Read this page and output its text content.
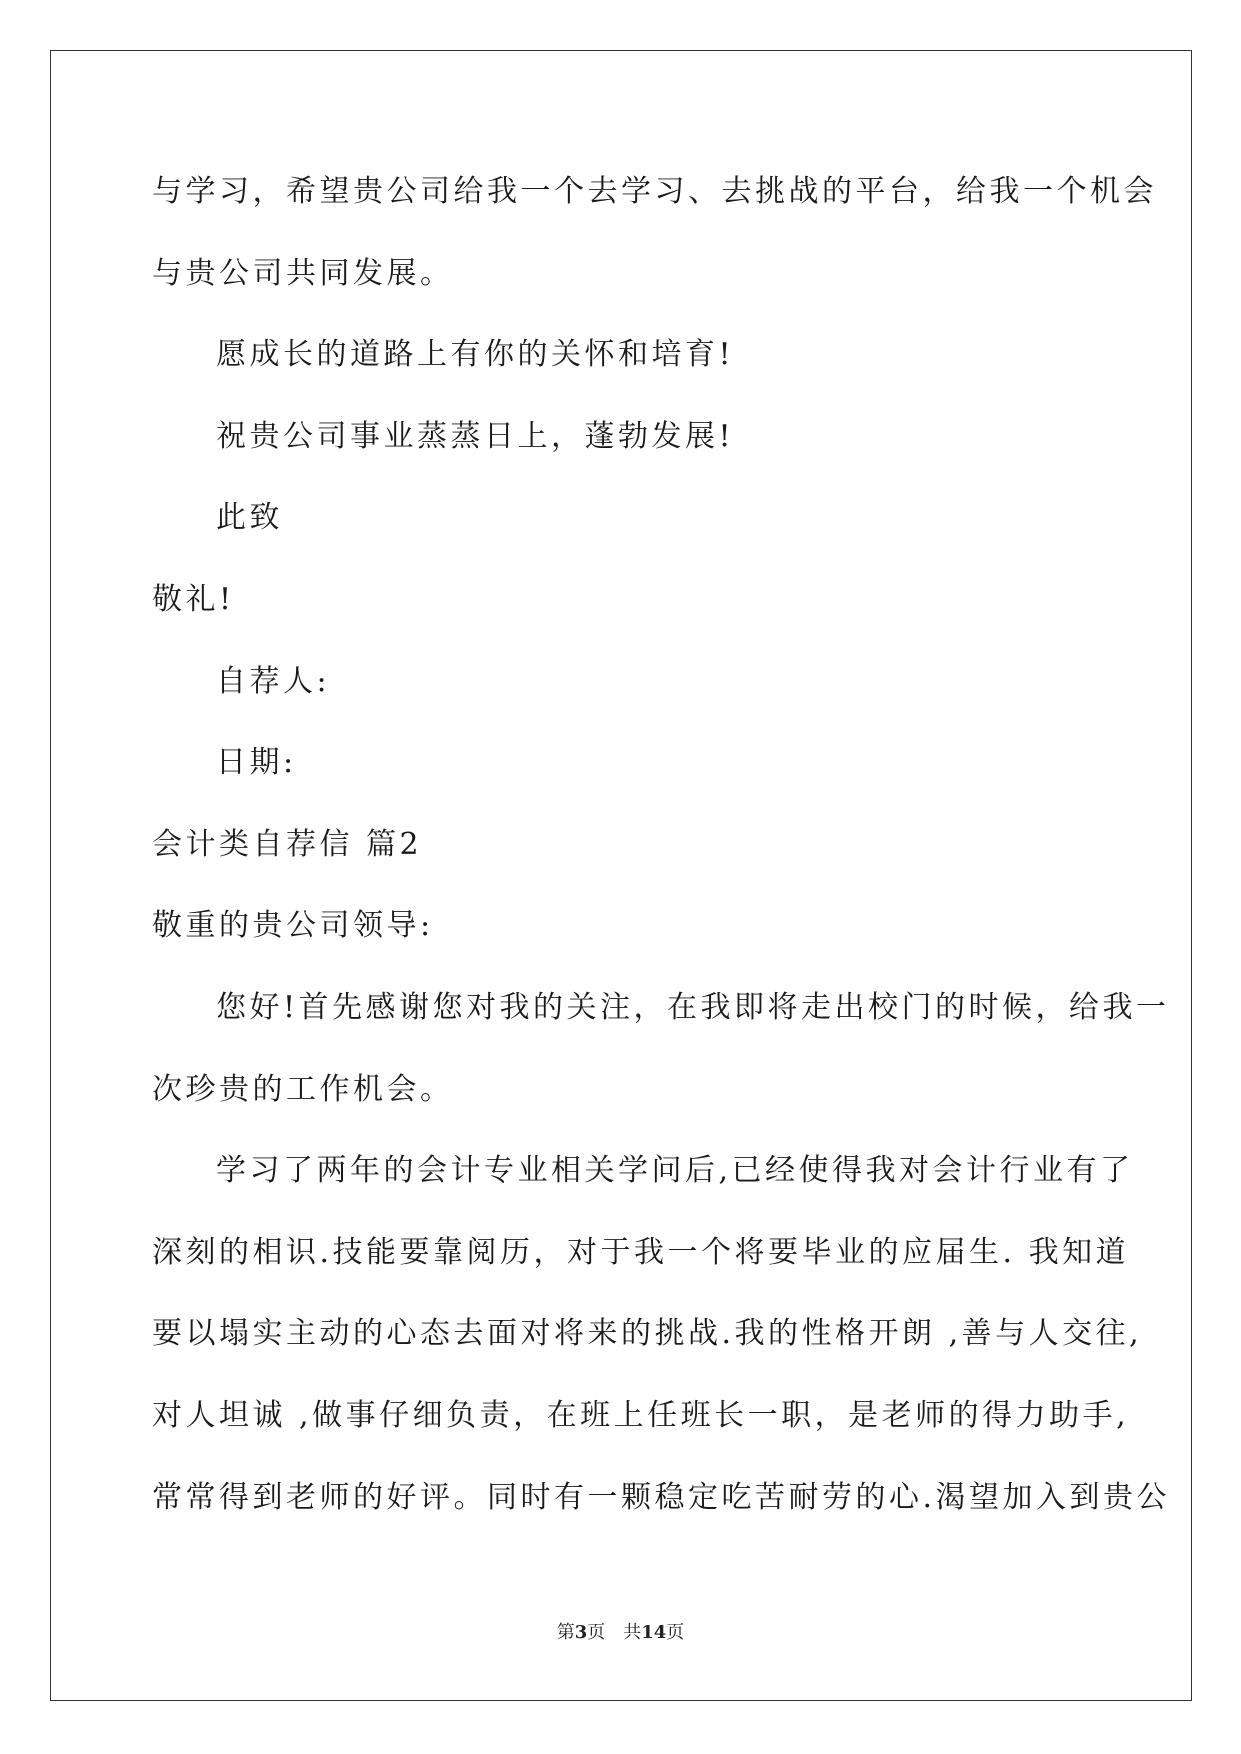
与学习，希望贵公司给我一个去学习、去挑战的平台，给我一个机会
与贵公司共同发展。
愿成长的道路上有你的关怀和培育!
祝贵公司事业蒸蒸日上，蓬勃发展!
此致
敬礼!
自荐人:
日期:
会计类自荐信 篇2
敬重的贵公司领导:
您好!首先感谢您对我的关注，在我即将走出校门的时候，给我一
次珍贵的工作机会。
学习了两年的会计专业相关学问后,已经使得我对会计行业有了
深刻的相识.技能要靠阅历，对于我一个将要毕业的应届生. 我知道
要以塌实主动的心态去面对将来的挑战.我的性格开朗 ,善与人交往,
对人坦诚 ,做事仔细负责，在班上任班长一职，是老师的得力助手,
常常得到老师的好评。同时有一颗稳定吃苦耐劳的心.渴望加入到贵公
第3页 共14页
